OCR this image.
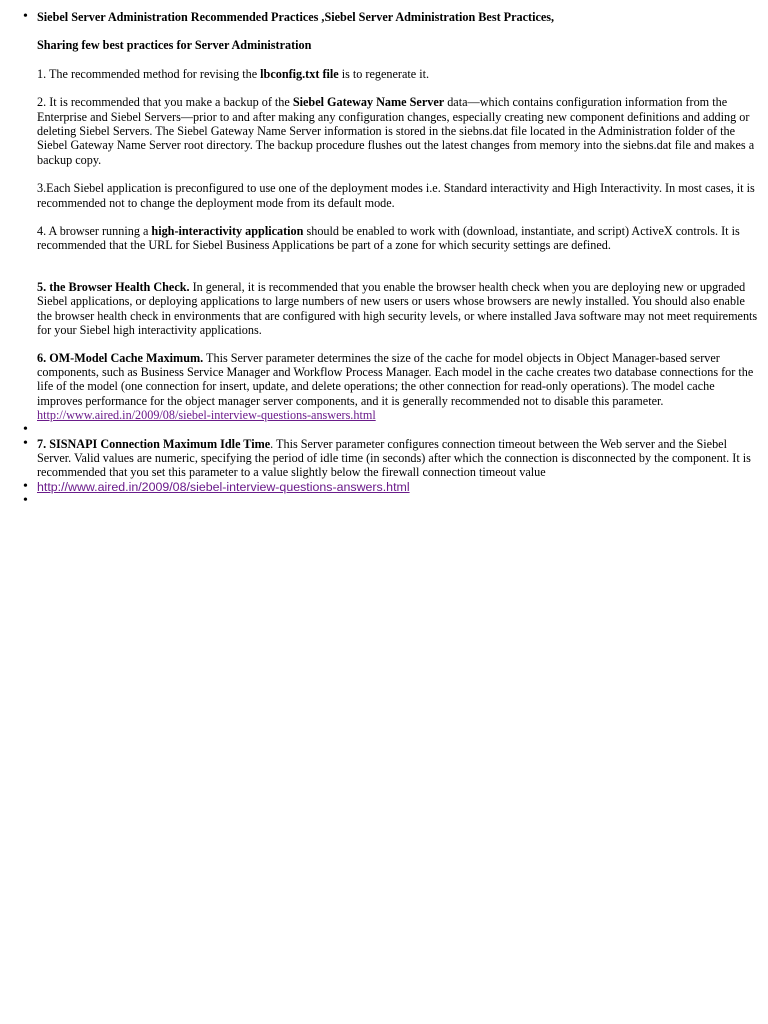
• Siebel Server Administration Recommended Practices ,Siebel Server Administration Best Practices,

Sharing few best practices for Server Administration

1. The recommended method for revising the lbconfig.txt file is to regenerate it.

2. It is recommended that you make a backup of the Siebel Gateway Name Server data—which contains configuration information from the Enterprise and Siebel Servers—prior to and after making any configuration changes, especially creating new component definitions and adding or deleting Siebel Servers. The Siebel Gateway Name Server information is stored in the siebns.dat file located in the Administration folder of the Siebel Gateway Name Server root directory. The backup procedure flushes out the latest changes from memory into the siebns.dat file and makes a backup copy.

3.Each Siebel application is preconfigured to use one of the deployment modes i.e. Standard interactivity and High Interactivity. In most cases, it is recommended not to change the deployment mode from its default mode.

4. A browser running a high-interactivity application should be enabled to work with (download, instantiate, and script) ActiveX controls. It is recommended that the URL for Siebel Business Applications be part of a zone for which security settings are defined.

5. the Browser Health Check. In general, it is recommended that you enable the browser health check when you are deploying new or upgraded Siebel applications, or deploying applications to large numbers of new users or users whose browsers are newly installed. You should also enable the browser health check in environments that are configured with high security levels, or where installed Java software may not meet requirements for your Siebel high interactivity applications.

6. OM-Model Cache Maximum. This Server parameter determines the size of the cache for model objects in Object Manager-based server components, such as Business Service Manager and Workflow Process Manager. Each model in the cache creates two database connections for the life of the model (one connection for insert, update, and delete operations; the other connection for read-only operations). The model cache improves performance for the object manager server components, and it is generally recommended not to disable this parameter.
http://www.aired.in/2009/08/siebel-interview-questions-answers.html

•
• 7. SISNAPI Connection Maximum Idle Time. This Server parameter configures connection timeout between the Web server and the Siebel Server. Valid values are numeric, specifying the period of idle time (in seconds) after which the connection is disconnected by the component. It is recommended that you set this parameter to a value slightly below the firewall connection timeout value

• http://www.aired.in/2009/08/siebel-interview-questions-answers.html
•
